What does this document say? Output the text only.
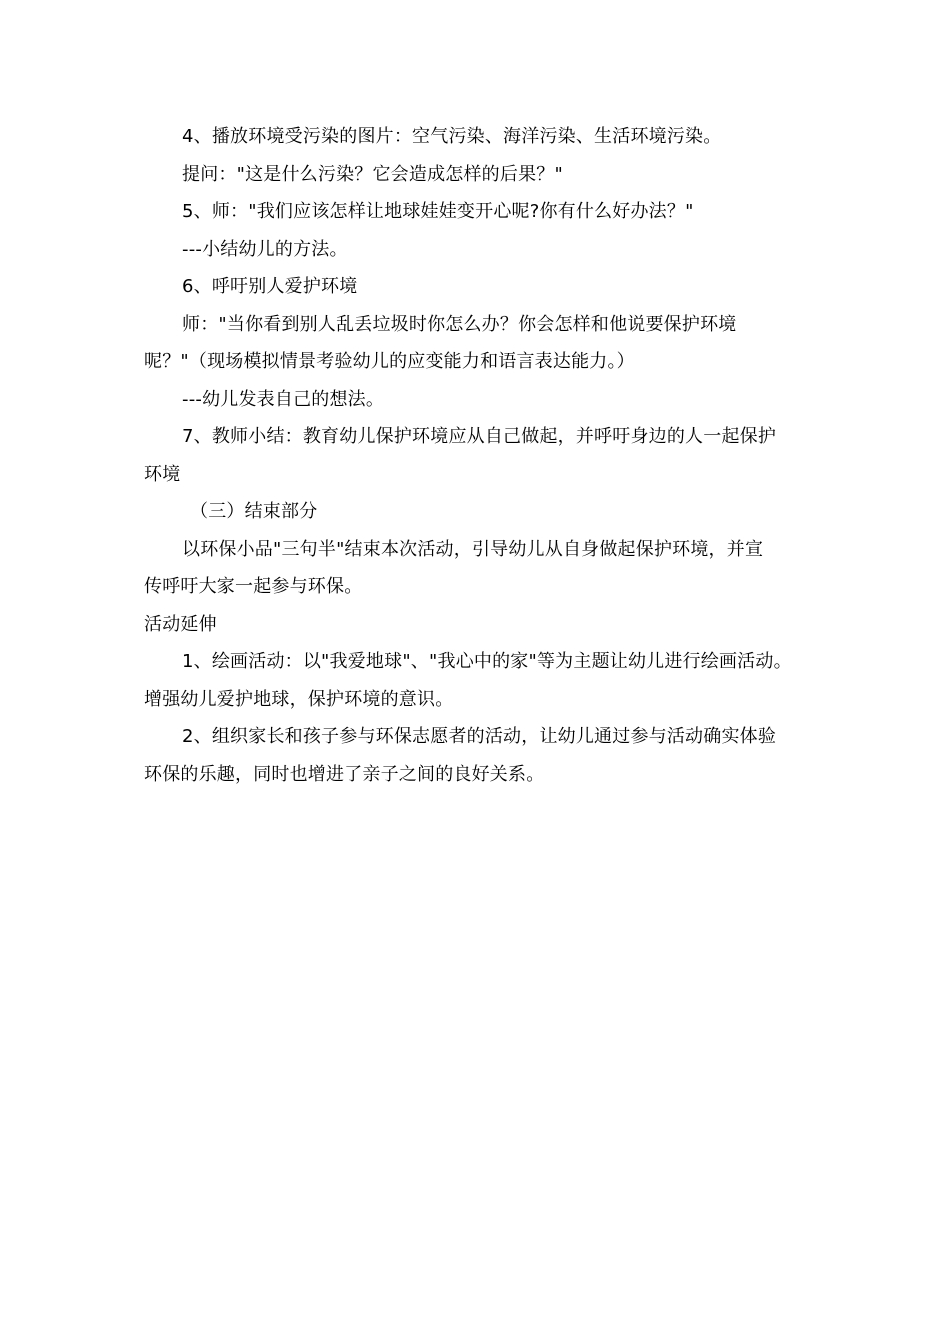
4、播放环境受污染的图片：空气污染、海洋污染、生活环境污染。
提问："这是什么污染？它会造成怎样的后果？"
5、师："我们应该怎样让地球娃娃变开心呢?你有什么好办法？"
---小结幼儿的方法。
6、呼吁别人爱护环境
师："当你看到别人乱丢垃圾时你怎么办？你会怎样和他说要保护环境
呢？"（现场模拟情景考验幼儿的应变能力和语言表达能力。）
---幼儿发表自己的想法。
7、教师小结：教育幼儿保护环境应从自己做起，并呼吁身边的人一起保护
环境
（三）结束部分
以环保小品"三句半"结束本次活动，引导幼儿从自身做起保护环境，并宣
传呼吁大家一起参与环保。
活动延伸
1、绘画活动：以"我爱地球"、"我心中的家"等为主题让幼儿进行绘画活动。
增强幼儿爱护地球，保护环境的意识。
2、组织家长和孩子参与环保志愿者的活动，让幼儿通过参与活动确实体验
环保的乐趣，同时也增进了亲子之间的良好关系。
